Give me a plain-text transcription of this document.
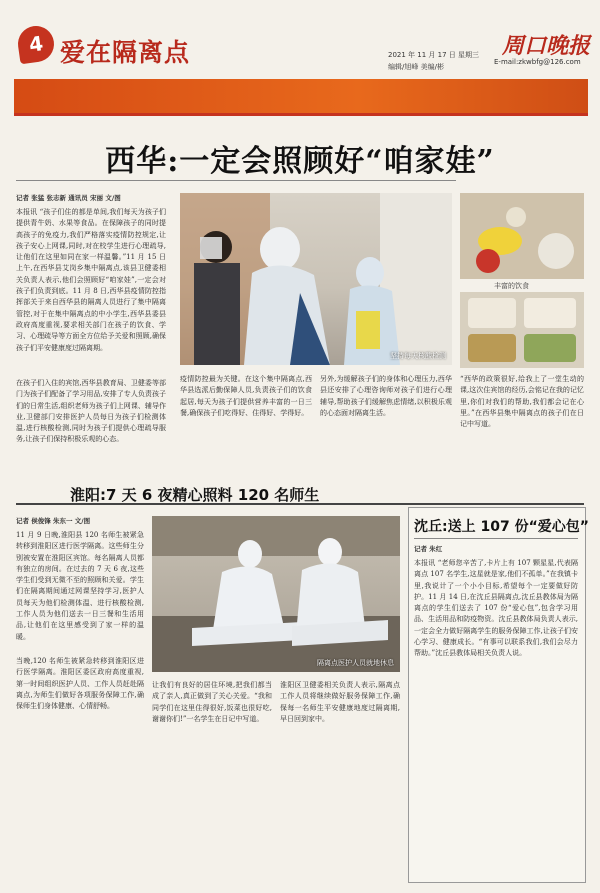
4 爱在隔离点	2021 年 11 月 17 日 星期三
编辑/旭峰 美编/彬
周口晚报
E-mail:zkwbfg@126.com
西华:一定会照顾好“咱家娃”
记者 张猛 张志新 通讯员 宋丽 文/图
本报讯 “孩子们住的都是单间,我们每天为孩子们提供青牛奶、水果等食品。在保障孩子的同时提高孩子的免疫力,我们严格落实疫情防控规定,让孩子安心上网课,同时,对在校学生进行心理疏导,让他们在这里如同在家一样温馨。”11 月 15 日上午,在西华县艾岗乡集中隔离点,该县卫健委相关负责人表示,他们会照顾好“咱家娃”,一定会对孩子们负责到底。11 月 8 日,西华县疫情防控指挥部关于来自西华县的隔离人员进行了集中隔离管控,对于在集中隔离点的中小学生,西华县委县政府高度重视,要求相关部门在孩子的饮食、学习、心理疏导等方面全方位给予关爱和照顾,确保孩子们平安健康度过隔离期。
在孩子们入住的宾馆,西华县教育局、卫健委等部门为孩子们配备了学习用品,安排了专人负责孩子们的日常生活,组织老师为孩子们上网课、辅导作业,卫健部门安排医护人员每日为孩子们检测体温,进行核酸检测,同时为孩子们提供心理疏导服务,让孩子们保持积极乐观的心态。
坚持每天核酸检测
丰富的饮食
疫情防控最为关键。在这个集中隔离点,西华县选派后勤保障人员,负责孩子们的饮食起居,每天为孩子们提供营养丰富的一日三餐,确保孩子们吃得好、住得好、学得好。
另外,为缓解孩子们的身体和心理压力,西华县还安排了心理咨询师对孩子们进行心理辅导,帮助孩子们缓解焦虑情绪,以积极乐观的心态面对隔离生活。
“西华的政策很好,给我上了一堂生动的课,这次住宾馆的经历,会铭记在我的记忆里,你们对我们的帮助,我们都会记在心里。”在西华县集中隔离点的孩子们在日记中写道。
淮阳:7 天 6 夜精心照料 120 名师生
记者 侯俊锋 朱东一 文/图
11 月 9 日晚,淮阳县 120 名师生被紧急转移到淮阳区进行医学隔离。这些师生分别被安置在淮阳区宾馆。每名隔离人员都有独立的房间。在过去的 7 天 6 夜,这些学生们受到无微不至的照顾和关爱。学生们在隔离期间通过网课坚持学习,医护人员每天为他们检测体温、进行核酸检测,工作人员为他们送去一日三餐和生活用品,让他们在这里感受到了家一样的温暖。
当晚,120 名师生被紧急转移到淮阳区进行医学隔离。淮阳区委区政府高度重视,第一时间组织医护人员、工作人员赶赴隔离点,为师生们做好各项服务保障工作,确保师生们身体健康、心情舒畅。
隔离点医护人员就地休息
让我们有良好的居住环境,把我们都当成了亲人,真正做到了关心关爱。“我和同学们在这里住得很好,饭菜也很好吃,谢谢你们!”一名学生在日记中写道。
淮阳区卫健委相关负责人表示,隔离点工作人员将继续做好服务保障工作,确保每一名师生平安健康地度过隔离期,早日回到家中。
沈丘:送上 107 份“爱心包”
记者 朱红
本报讯 “老师您辛苦了,卡片上有 107 颗星星,代表隔离点 107 名学生,这星就是家,他们不孤单。”在我镇卡里,我说计了一个小小目标,希望每个一定要做好防护。11 月 14 日,在沈丘县隔离点,沈丘县教体局为隔离点的学生们送去了 107 份“爱心包”,包含学习用品、生活用品和防疫物资。沈丘县教体局负责人表示,一定会全力做好隔离学生的服务保障工作,让孩子们安心学习、健康成长。“有事可以联系我们,我们会尽力帮助。”沈丘县教体局相关负责人说。
